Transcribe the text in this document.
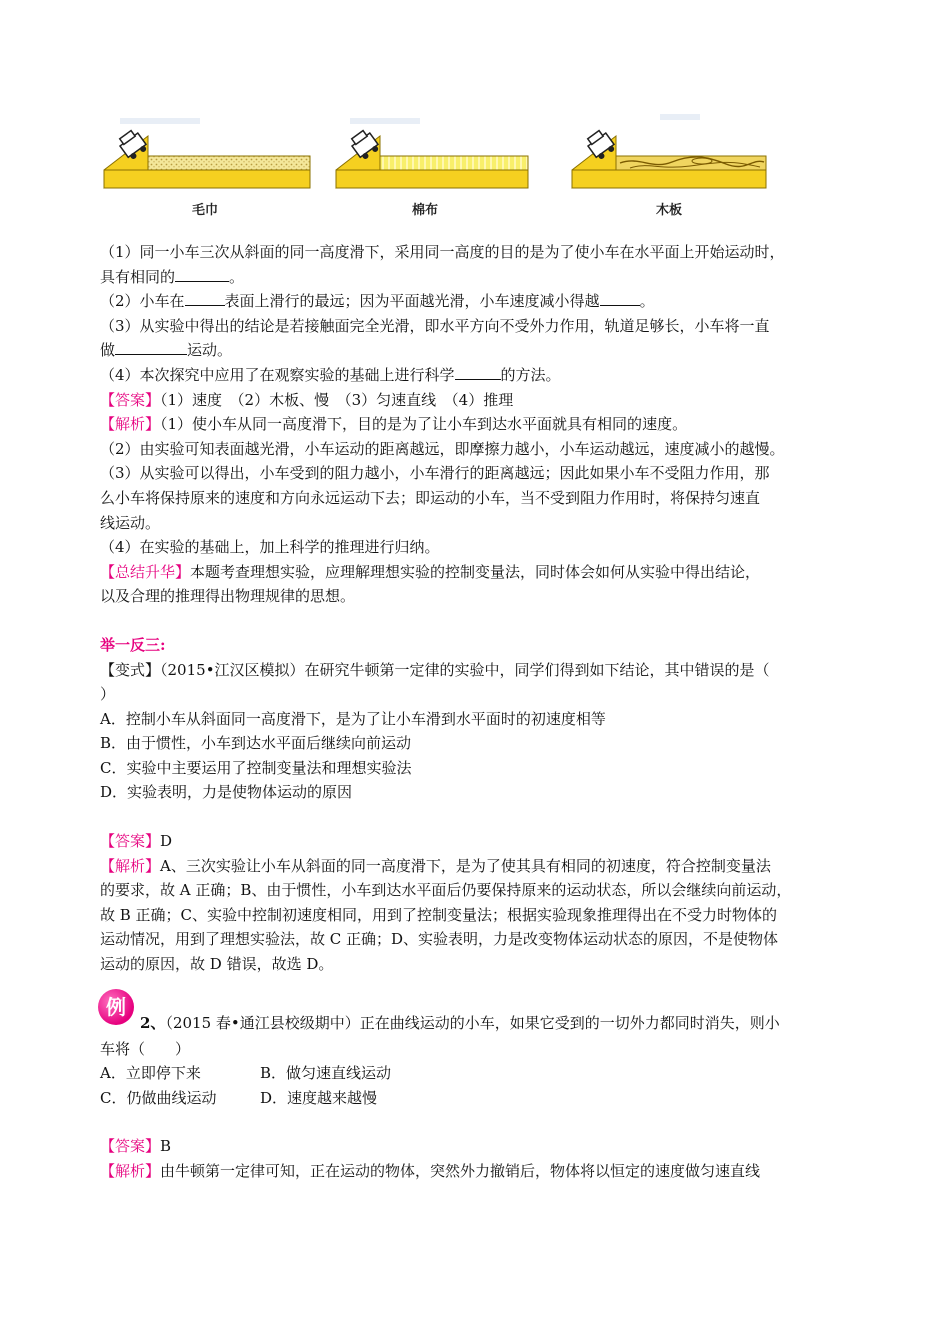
毛巾	棉布	木板
（1）同一小车三次从斜面的同一高度滑下，采用同一高度的目的是为了使小车在水平面上开始运动时，
具有相同的	。
（2）小车在	表面上滑行的最远；因为平面越光滑，小车速度减小得越	。
（3）从实验中得出的结论是若接触面完全光滑，即水平方向不受外力作用，轨道足够长，小车将一直
做	运动。
（4）本次探究中应用了在观察实验的基础上进行科学	的方法。
【答案】（1）速度　（2）木板、慢　（3）匀速直线　（4）推理
【解析】（1）使小车从同一高度滑下，目的是为了让小车到达水平面就具有相同的速度。
（2）由实验可知表面越光滑，小车运动的距离越远，即摩擦力越小，小车运动越远，速度减小的越慢。
（3）从实验可以得出，小车受到的阻力越小，小车滑行的距离越远；因此如果小车不受阻力作用，那
么小车将保持原来的速度和方向永远运动下去；即运动的小车，当不受到阻力作用时，将保持匀速直
线运动。
（4）在实验的基础上，加上科学的推理进行归纳。
【总结升华】本题考查理想实验，应理解理想实验的控制变量法，同时体会如何从实验中得出结论，
以及合理的推理得出物理规律的思想。
举一反三:
【变式】（2015•江汉区模拟）在研究牛顿第一定律的实验中，同学们得到如下结论，其中错误的是（
）
A．控制小车从斜面同一高度滑下，是为了让小车滑到水平面时的初速度相等
B．由于惯性，小车到达水平面后继续向前运动
C．实验中主要运用了控制变量法和理想实验法
D．实验表明，力是使物体运动的原因
【答案】D
【解析】A、三次实验让小车从斜面的同一高度滑下，是为了使其具有相同的初速度，符合控制变量法
的要求，故 A 正确；B、由于惯性，小车到达水平面后仍要保持原来的运动状态，所以会继续向前运动，
故 B 正确；C、实验中控制初速度相同，用到了控制变量法；根据实验现象推理得出在不受力时物体的
运动情况，用到了理想实验法，故 C 正确；D、实验表明，力是改变物体运动状态的原因，不是使物体
运动的原因，故 D 错误，故选 D。
例
2、（2015 春•通江县校级期中）正在曲线运动的小车，如果它受到的一切外力都同时消失，则小
车将（　　）
A．立即停下来	B．做匀速直线运动
C．仍做曲线运动	D．速度越来越慢
【答案】B
【解析】由牛顿第一定律可知，正在运动的物体，突然外力撤销后，物体将以恒定的速度做匀速直线
